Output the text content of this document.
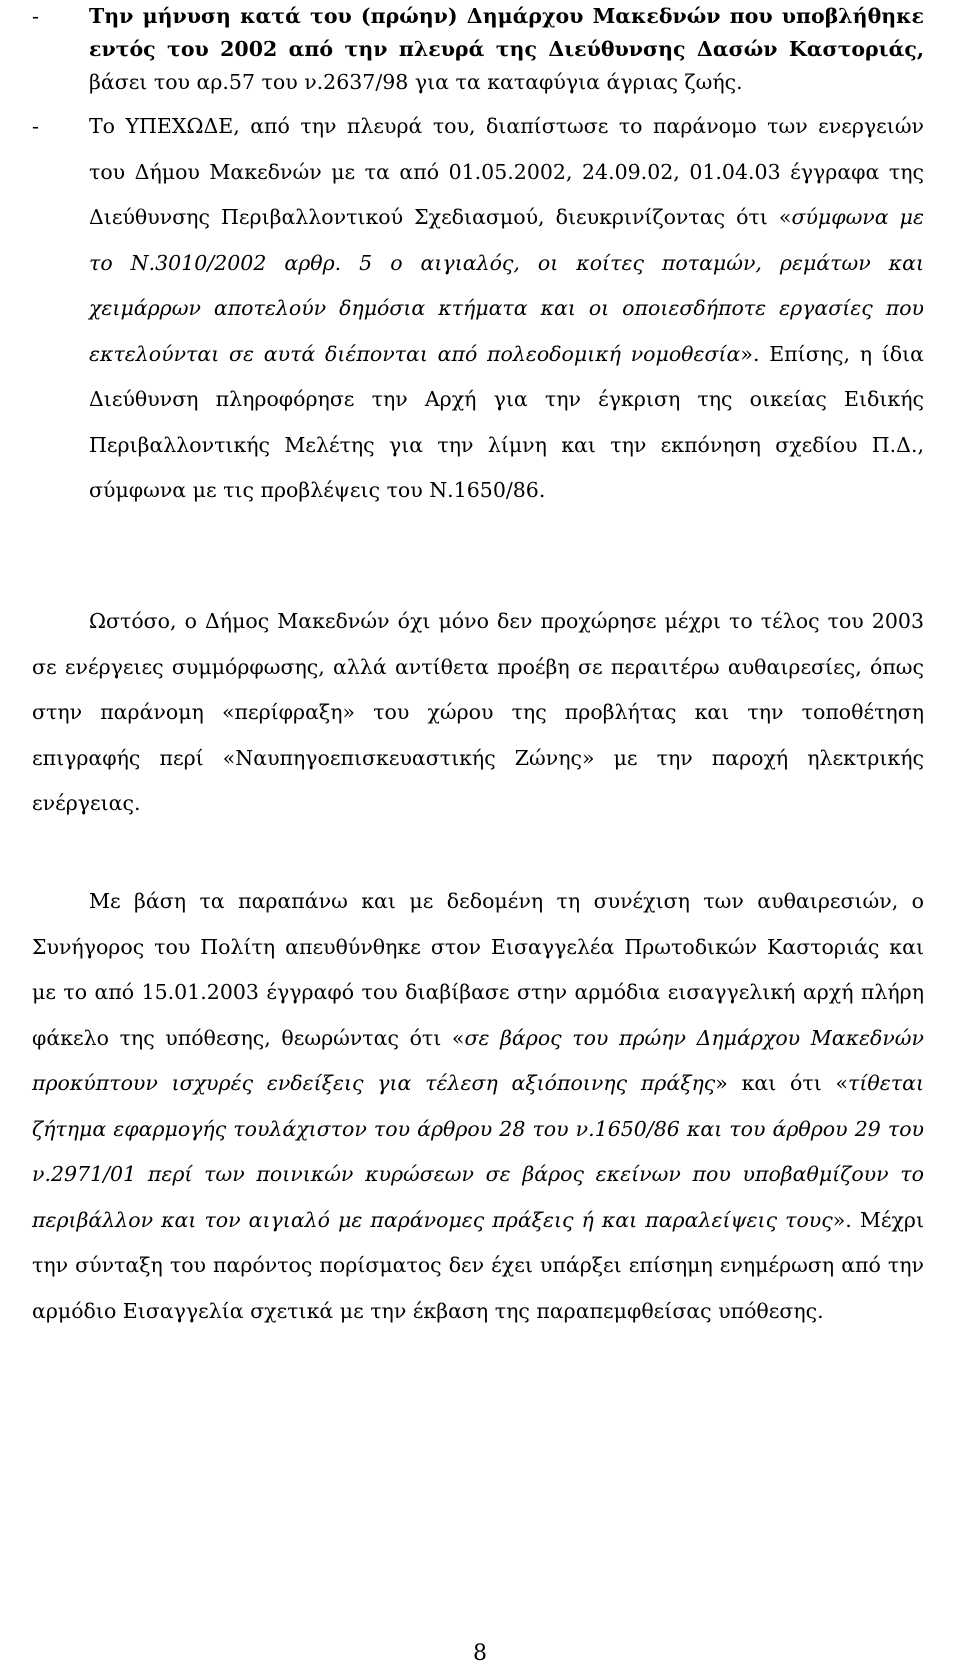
- Την μήνυση κατά του (πρώην) Δημάρχου Μακεδνών που υποβλήθηκε εντός του 2002 από την πλευρά της Διεύθυνσης Δασών Καστοριάς, βάσει του αρ.57 του ν.2637/98 για τα καταφύγια άγριας ζωής.
- Το ΥΠΕΧΩΔΕ, από την πλευρά του, διαπίστωσε το παράνομο των ενεργειών του Δήμου Μακεδνών με τα από 01.05.2002, 24.09.02, 01.04.03 έγγραφα της Διεύθυνσης Περιβαλλοντικού Σχεδιασμού, διευκρινίζοντας ότι «σύμφωνα με το Ν.3010/2002 αρθρ. 5 ο αιγιαλός, οι κοίτες ποταμών, ρεμάτων και χειμάρρων αποτελούν δημόσια κτήματα και οι οποιεσδήποτε εργασίες που εκτελούνται σε αυτά διέπονται από πολεοδομική νομοθεσία». Επίσης, η ίδια Διεύθυνση πληροφόρησε την Αρχή για την έγκριση της οικείας Ειδικής Περιβαλλοντικής Μελέτης για την λίμνη και την εκπόνηση σχεδίου Π.Δ., σύμφωνα με τις προβλέψεις του Ν.1650/86.

Ωστόσο, ο Δήμος Μακεδνών όχι μόνο δεν προχώρησε μέχρι το τέλος του 2003 σε ενέργειες συμμόρφωσης, αλλά αντίθετα προέβη σε περαιτέρω αυθαιρεσίες, όπως στην παράνομη «περίφραξη» του χώρου της προβλήτας και την τοποθέτηση επιγραφής περί «Ναυπηγοεπισκευαστικής Ζώνης» με την παροχή ηλεκτρικής ενέργειας.

Με βάση τα παραπάνω και με δεδομένη τη συνέχιση των αυθαιρεσιών, ο Συνήγορος του Πολίτη απευθύνθηκε στον Εισαγγελέα Πρωτοδικών Καστοριάς και με το από 15.01.2003 έγγραφό του διαβίβασε στην αρμόδια εισαγγελική αρχή πλήρη φάκελο της υπόθεσης, θεωρώντας ότι «σε βάρος του πρώην Δημάρχου Μακεδνών προκύπτουν ισχυρές ενδείξεις για τέλεση αξιόποινης πράξης» και ότι «τίθεται ζήτημα εφαρμογής τουλάχιστον του άρθρου 28 του ν.1650/86 και του άρθρου 29 του ν.2971/01 περί των ποινικών κυρώσεων σε βάρος εκείνων που υποβαθμίζουν το περιβάλλον και τον αιγιαλό με παράνομες πράξεις ή και παραλείψεις τους». Μέχρι την σύνταξη του παρόντος πορίσματος δεν έχει υπάρξει επίσημη ενημέρωση από την αρμόδιο Εισαγγελία σχετικά με την έκβαση της παραπεμφθείσας υπόθεσης.

8
